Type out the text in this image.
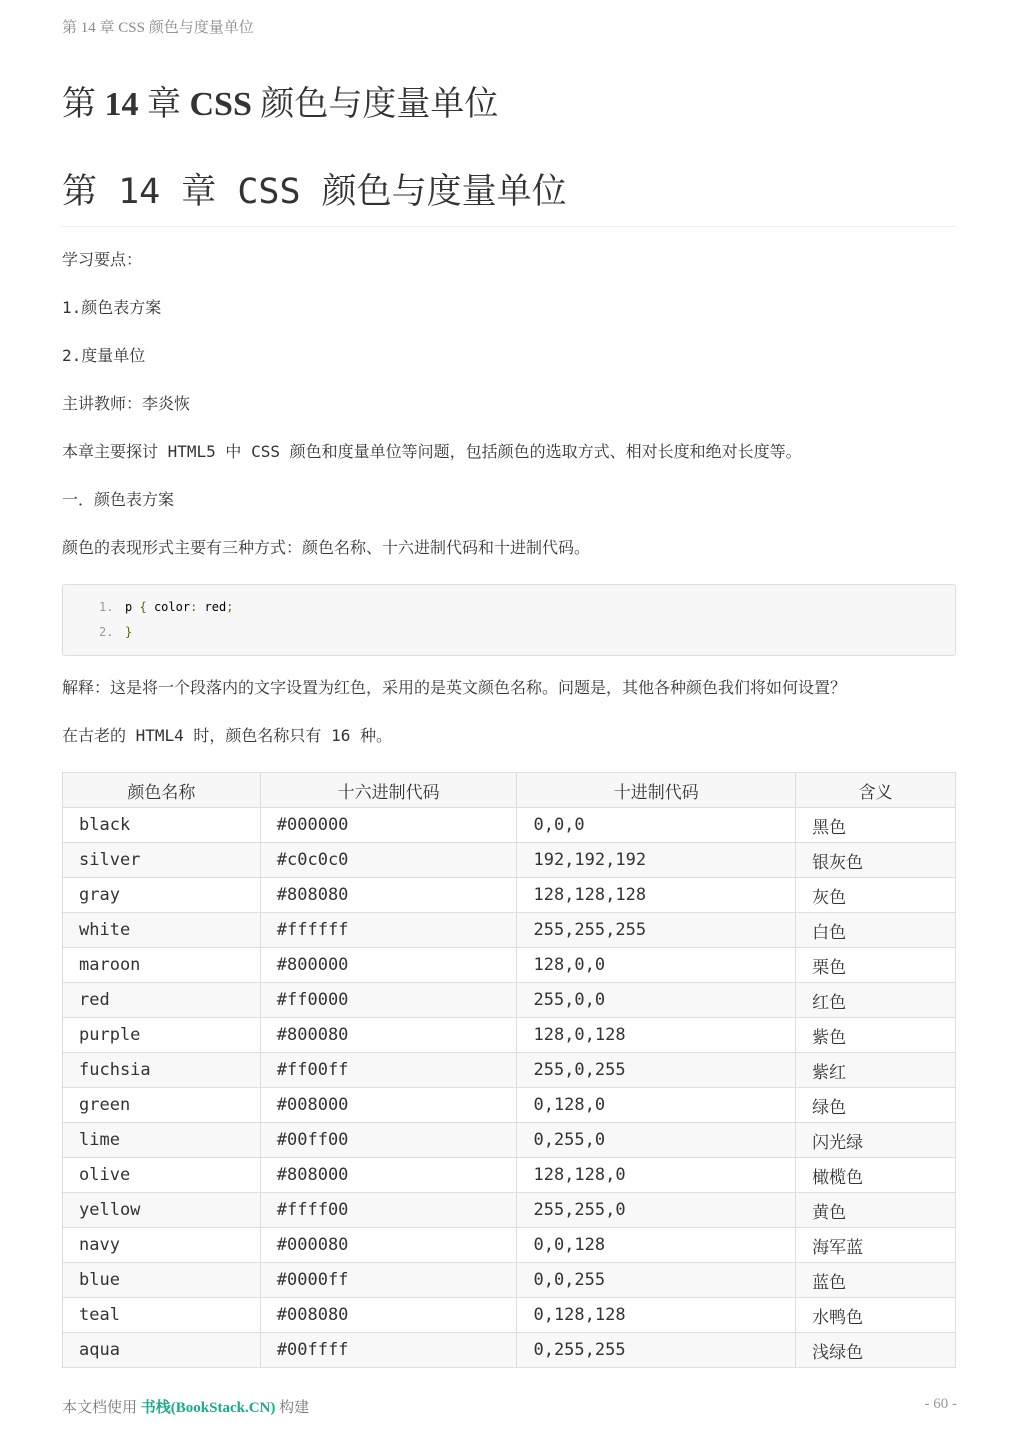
第 14 章 CSS 颜色与度量单位
第 14 章 CSS 颜色与度量单位
第 14 章 CSS 颜色与度量单位

学习要点：

1.颜色表方案

2.度量单位

主讲教师：李炎恢

本章主要探讨 HTML5 中 CSS 颜色和度量单位等问题，包括颜色的选取方式、相对长度和绝对长度等。

一．颜色表方案

颜色的表现形式主要有三种方式：颜色名称、十六进制代码和十进制代码。

1. p { color: red;
2. }

解释：这是将一个段落内的文字设置为红色，采用的是英文颜色名称。问题是，其他各种颜色我们将如何设置？

在古老的 HTML4 时，颜色名称只有 16 种。

颜色名称	十六进制代码	十进制代码	含义
black	#000000	0,0,0	黑色
silver	#c0c0c0	192,192,192	银灰色
gray	#808080	128,128,128	灰色
white	#ffffff	255,255,255	白色
maroon	#800000	128,0,0	栗色
red	#ff0000	255,0,0	红色
purple	#800080	128,0,128	紫色
fuchsia	#ff00ff	255,0,255	紫红
green	#008000	0,128,0	绿色
lime	#00ff00	0,255,0	闪光绿
olive	#808000	128,128,0	橄榄色
yellow	#ffff00	255,255,0	黄色
navy	#000080	0,0,128	海军蓝
blue	#0000ff	0,0,255	蓝色
teal	#008080	0,128,128	水鸭色
aqua	#00ffff	0,255,255	浅绿色
本文档使用 书栈(BookStack.CN) 构建	- 60 -
